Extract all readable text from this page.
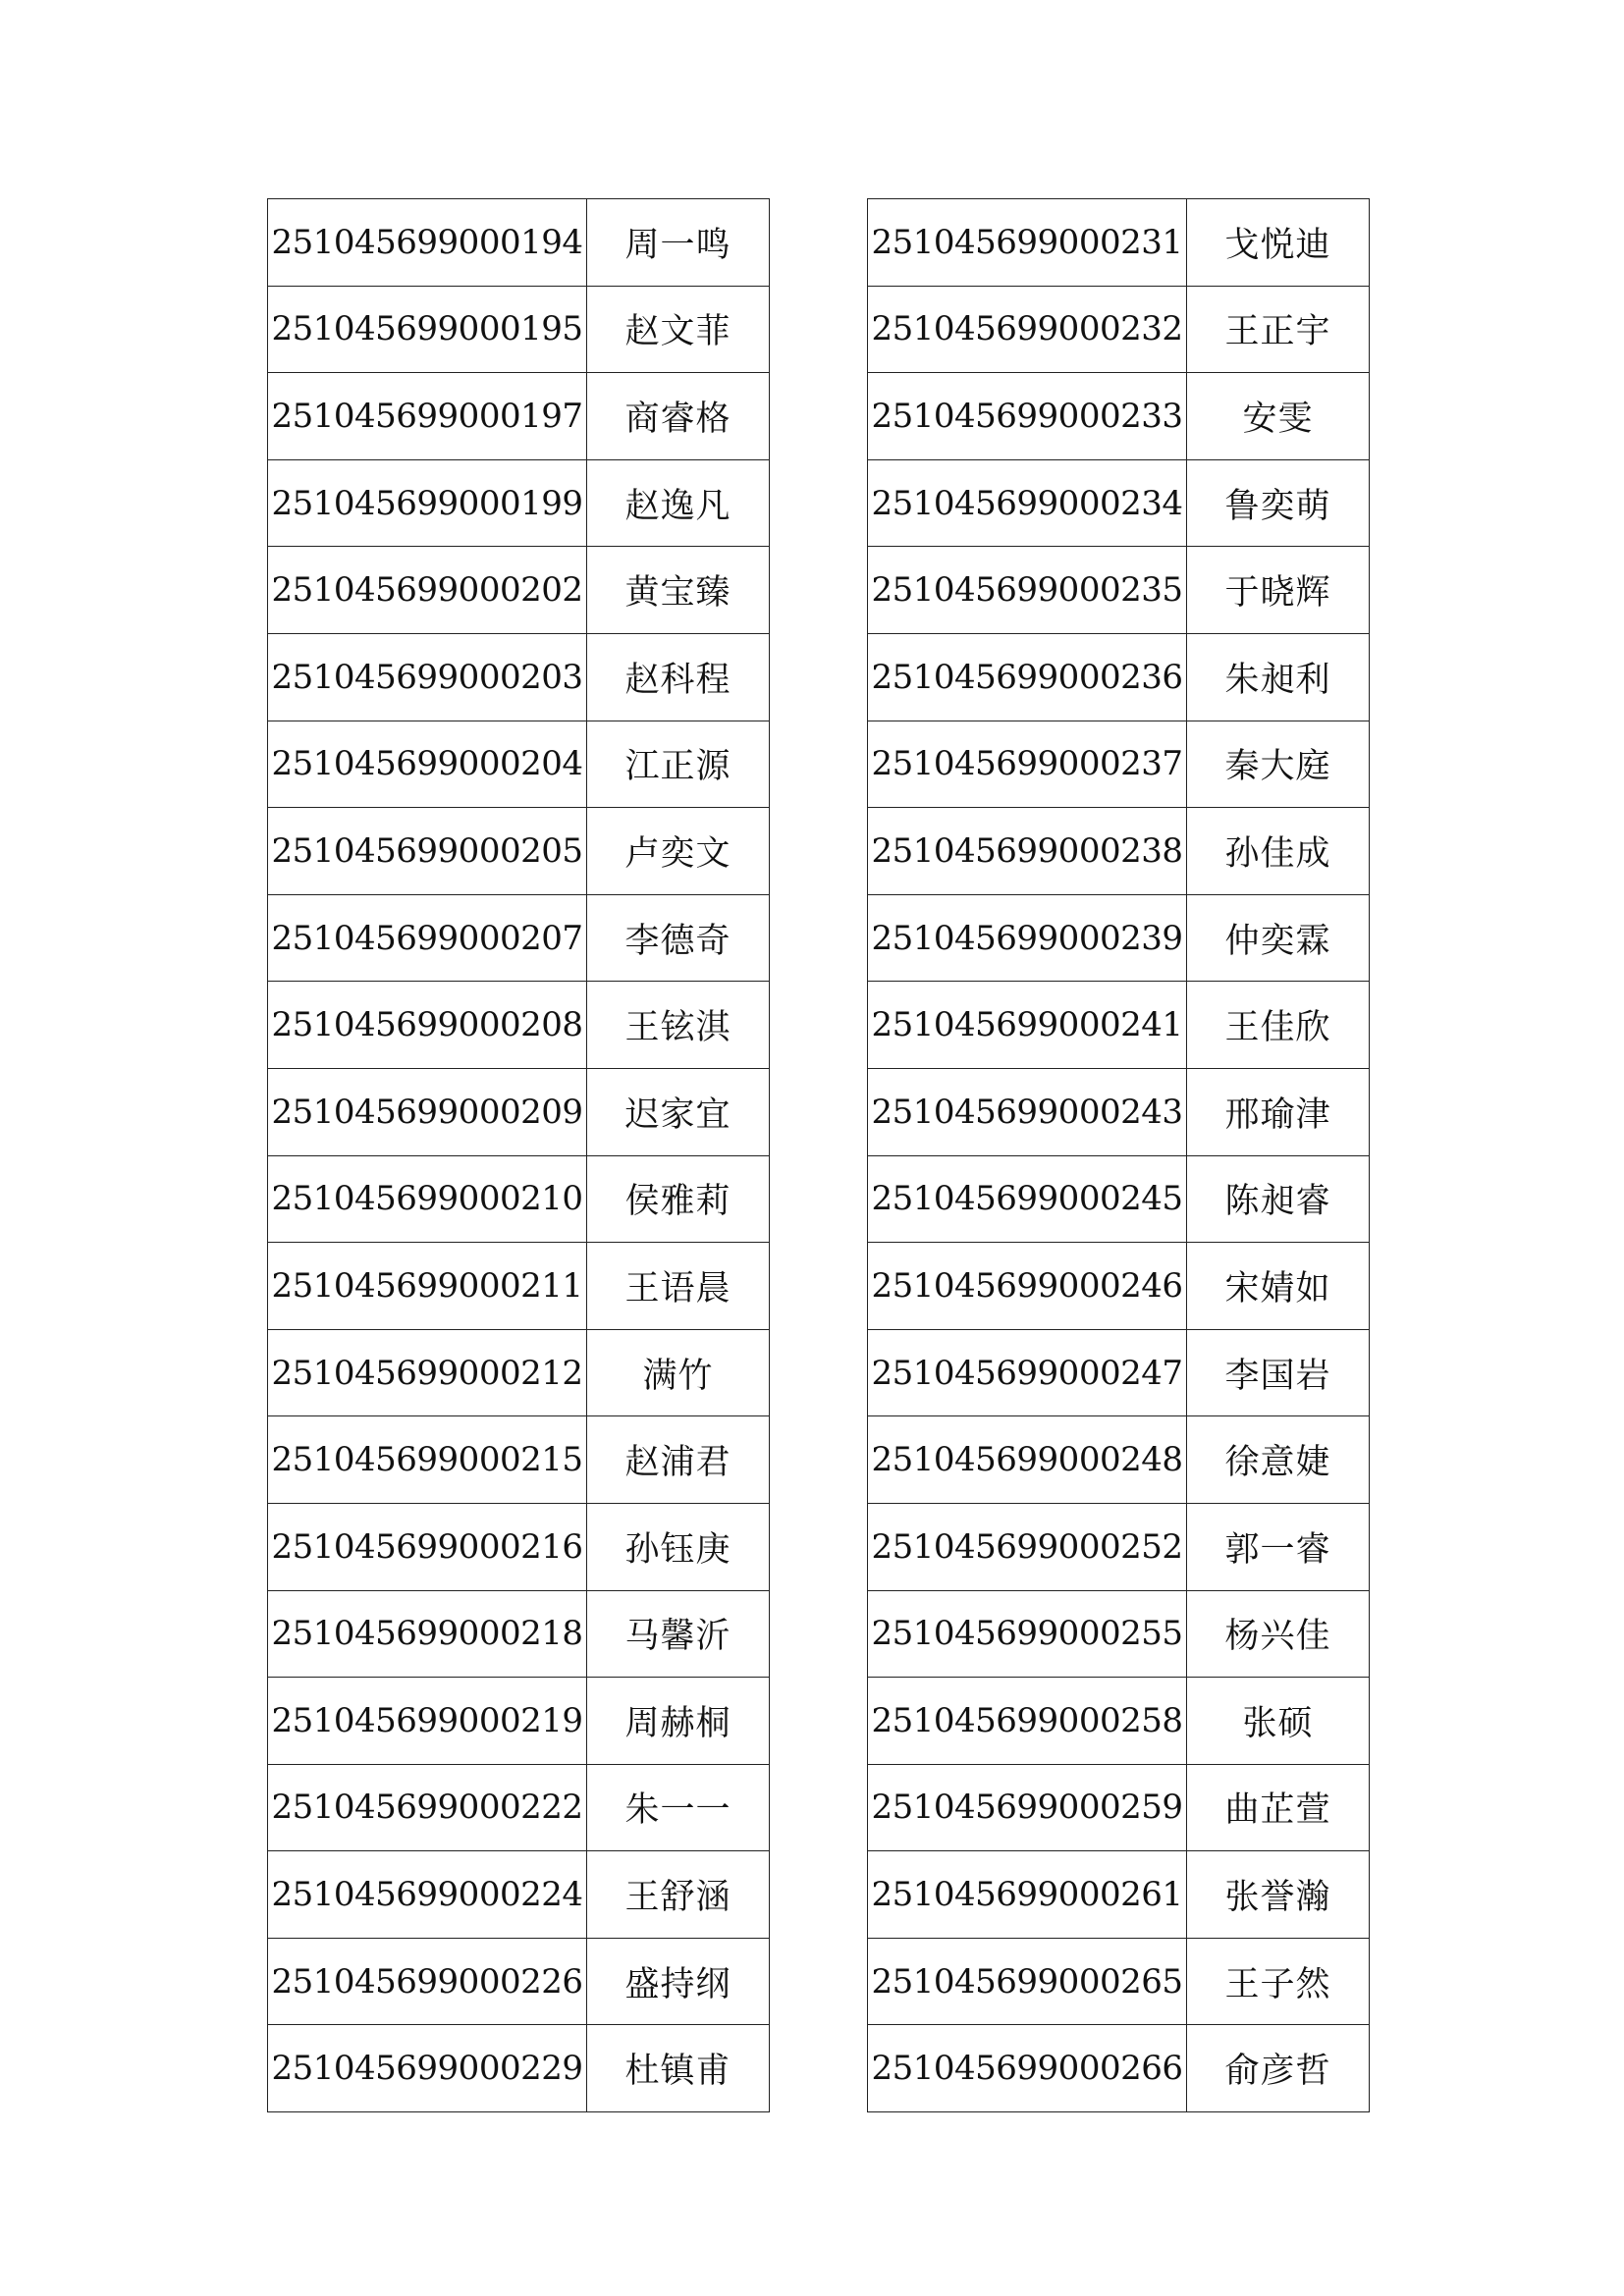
251045699000194	周一鸣
251045699000195	赵文菲
251045699000197	商睿格
251045699000199	赵逸凡
251045699000202	黄宝臻
251045699000203	赵科程
251045699000204	江正源
251045699000205	卢奕文
251045699000207	李德奇
251045699000208	王铉淇
251045699000209	迟家宜
251045699000210	侯雅莉
251045699000211	王语晨
251045699000212	满竹
251045699000215	赵浦君
251045699000216	孙钰庚
251045699000218	马馨沂
251045699000219	周赫桐
251045699000222	朱一一
251045699000224	王舒涵
251045699000226	盛持纲
251045699000229	杜镇甫
251045699000231	戈悦迪
251045699000232	王正宇
251045699000233	安雯
251045699000234	鲁奕萌
251045699000235	于晓辉
251045699000236	朱昶利
251045699000237	秦大庭
251045699000238	孙佳成
251045699000239	仲奕霖
251045699000241	王佳欣
251045699000243	邢瑜津
251045699000245	陈昶睿
251045699000246	宋婧如
251045699000247	李国岩
251045699000248	徐意婕
251045699000252	郭一睿
251045699000255	杨兴佳
251045699000258	张硕
251045699000259	曲芷萱
251045699000261	张誉瀚
251045699000265	王子然
251045699000266	俞彦哲
